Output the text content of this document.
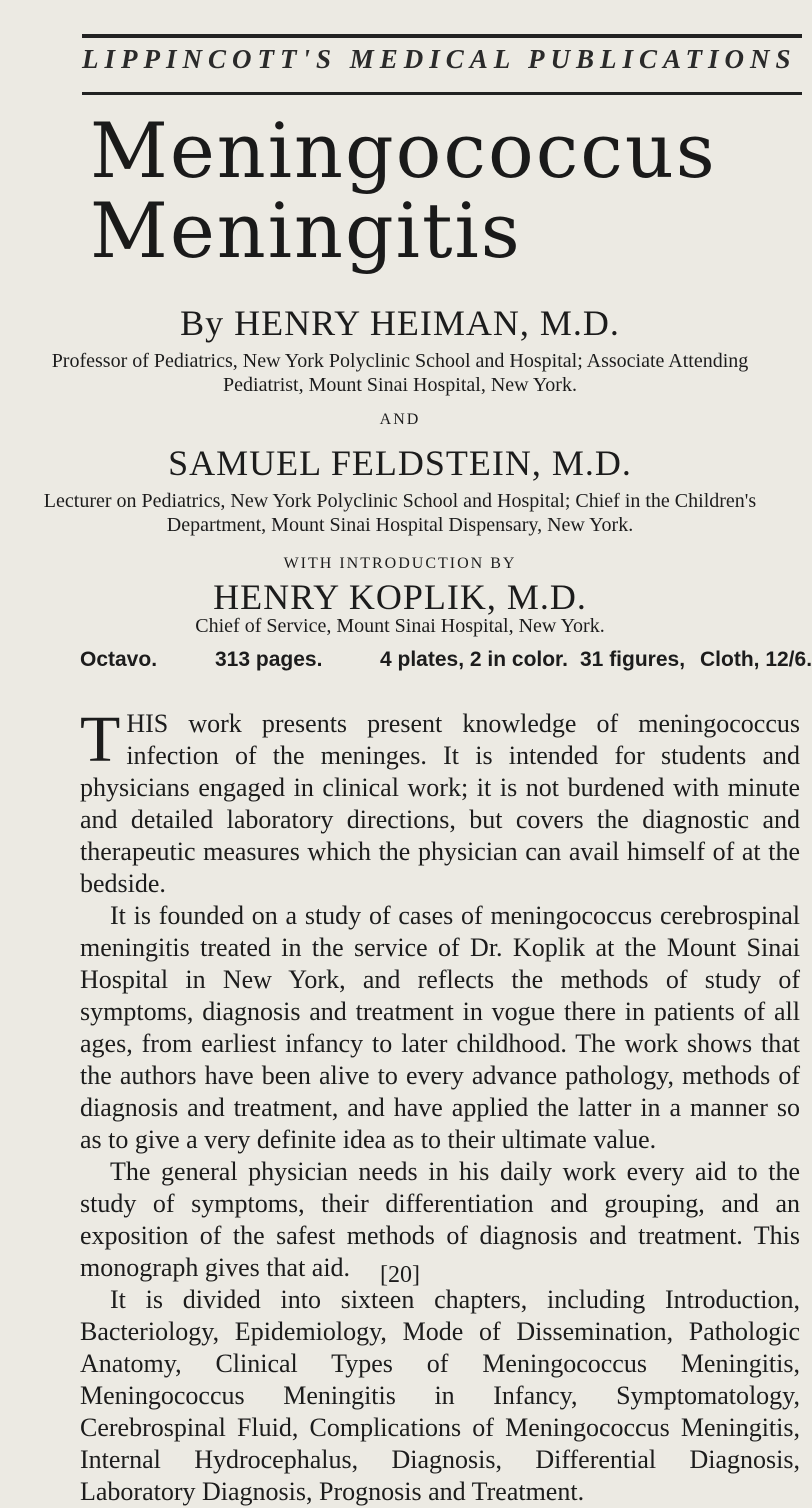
LIPPINCOTT'S MEDICAL PUBLICATIONS
Meningococcus
Meningitis
By HENRY HEIMAN, M.D.
Professor of Pediatrics, New York Polyclinic School and Hospital; Associate Attending Pediatrist, Mount Sinai Hospital, New York.
AND
SAMUEL FELDSTEIN, M.D.
Lecturer on Pediatrics, New York Polyclinic School and Hospital; Chief in the Children's Department, Mount Sinai Hospital Dispensary, New York.
WITH INTRODUCTION BY
HENRY KOPLIK, M.D.
Chief of Service, Mount Sinai Hospital, New York.
Octavo.	313 pages.	4 plates, 2 in color. 31 figures, Cloth, 12/6.

THIS work presents present knowledge of meningococcus infection of the meninges. It is intended for students and physicians engaged in clinical work; it is not burdened with minute and detailed laboratory directions, but covers the diagnostic and therapeutic measures which the physician can avail himself of at the bedside.

It is founded on a study of cases of meningococcus cerebrospinal meningitis treated in the service of Dr. Koplik at the Mount Sinai Hospital in New York, and reflects the methods of study of symptoms, diagnosis and treatment in vogue there in patients of all ages, from earliest infancy to later childhood. The work shows that the authors have been alive to every advance pathology, methods of diagnosis and treatment, and have applied the latter in a manner so as to give a very definite idea as to their ultimate value.

The general physician needs in his daily work every aid to the study of symptoms, their differentiation and grouping, and an exposition of the safest methods of diagnosis and treatment. This monograph gives that aid.

It is divided into sixteen chapters, including Introduction, Bacteriology, Epidemiology, Mode of Dissemination, Pathologic Anatomy, Clinical Types of Meningococcus Meningitis, Meningococcus Meningitis in Infancy, Symptomatology, Cerebrospinal Fluid, Complications of Meningococcus Meningitis, Internal Hydrocephalus, Diagnosis, Differential Diagnosis, Laboratory Diagnosis, Prognosis and Treatment.

[20]
